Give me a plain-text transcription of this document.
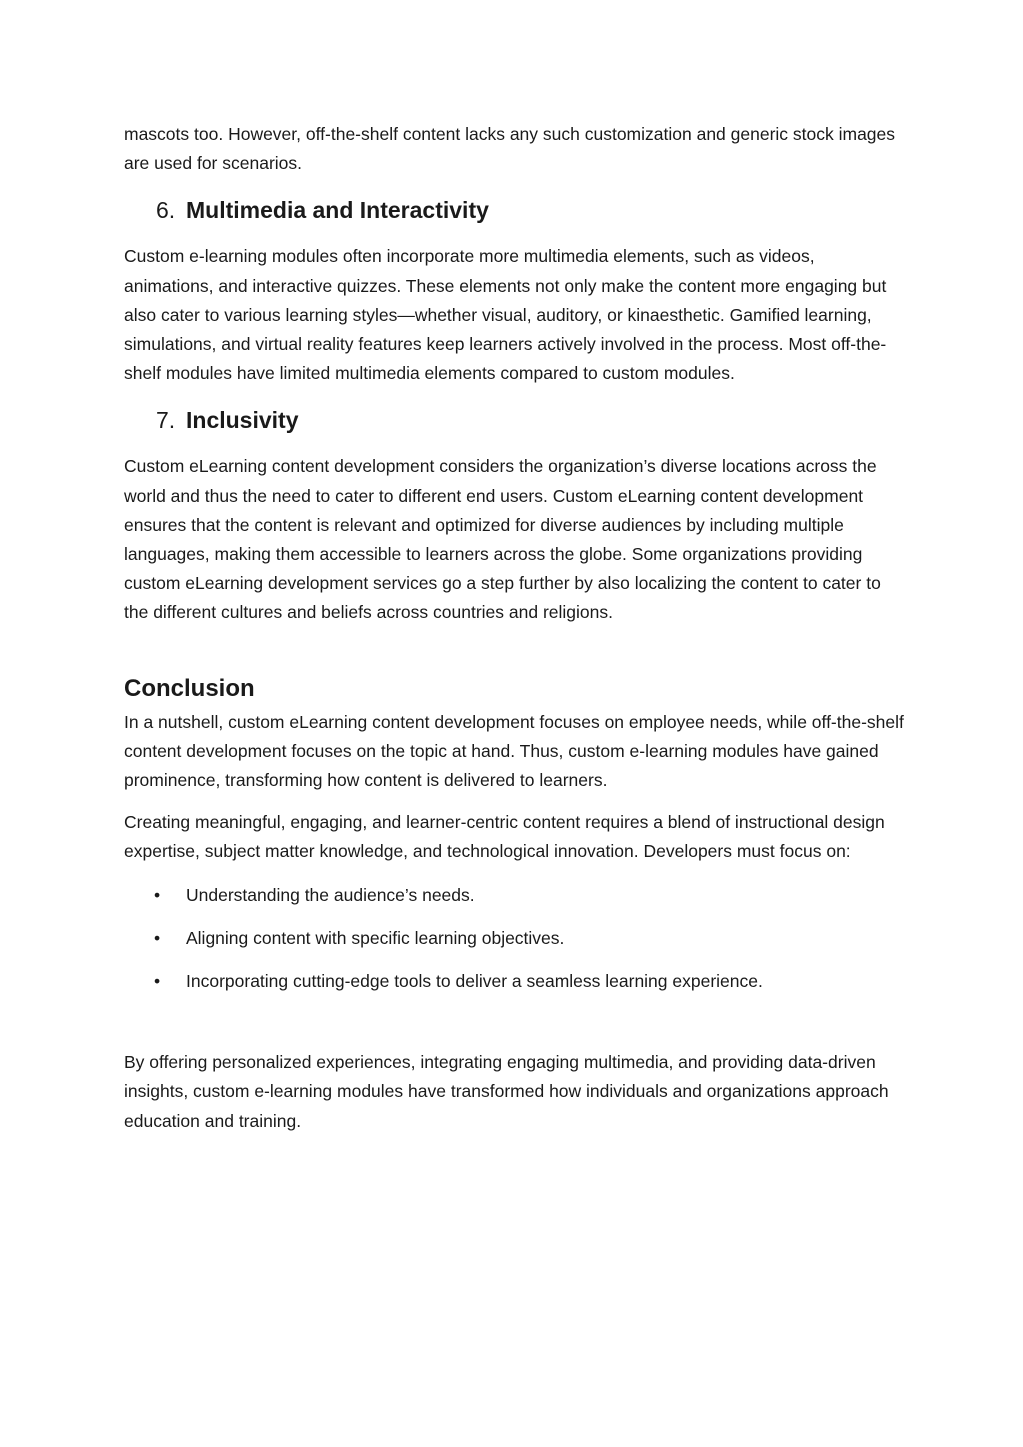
mascots too. However, off-the-shelf content lacks any such customization and generic stock images are used for scenarios.

6. Multimedia and Interactivity

Custom e-learning modules often incorporate more multimedia elements, such as videos, animations, and interactive quizzes. These elements not only make the content more engaging but also cater to various learning styles—whether visual, auditory, or kinaesthetic. Gamified learning, simulations, and virtual reality features keep learners actively involved in the process. Most off-the-shelf modules have limited multimedia elements compared to custom modules.

7. Inclusivity

Custom eLearning content development considers the organization’s diverse locations across the world and thus the need to cater to different end users. Custom eLearning content development ensures that the content is relevant and optimized for diverse audiences by including multiple languages, making them accessible to learners across the globe. Some organizations providing custom eLearning development services go a step further by also localizing the content to cater to the different cultures and beliefs across countries and religions.

Conclusion

In a nutshell, custom eLearning content development focuses on employee needs, while off-the-shelf content development focuses on the topic at hand. Thus, custom e-learning modules have gained prominence, transforming how content is delivered to learners.

Creating meaningful, engaging, and learner-centric content requires a blend of instructional design expertise, subject matter knowledge, and technological innovation. Developers must focus on:

• Understanding the audience’s needs.
• Aligning content with specific learning objectives.
• Incorporating cutting-edge tools to deliver a seamless learning experience.

By offering personalized experiences, integrating engaging multimedia, and providing data-driven insights, custom e-learning modules have transformed how individuals and organizations approach education and training.
